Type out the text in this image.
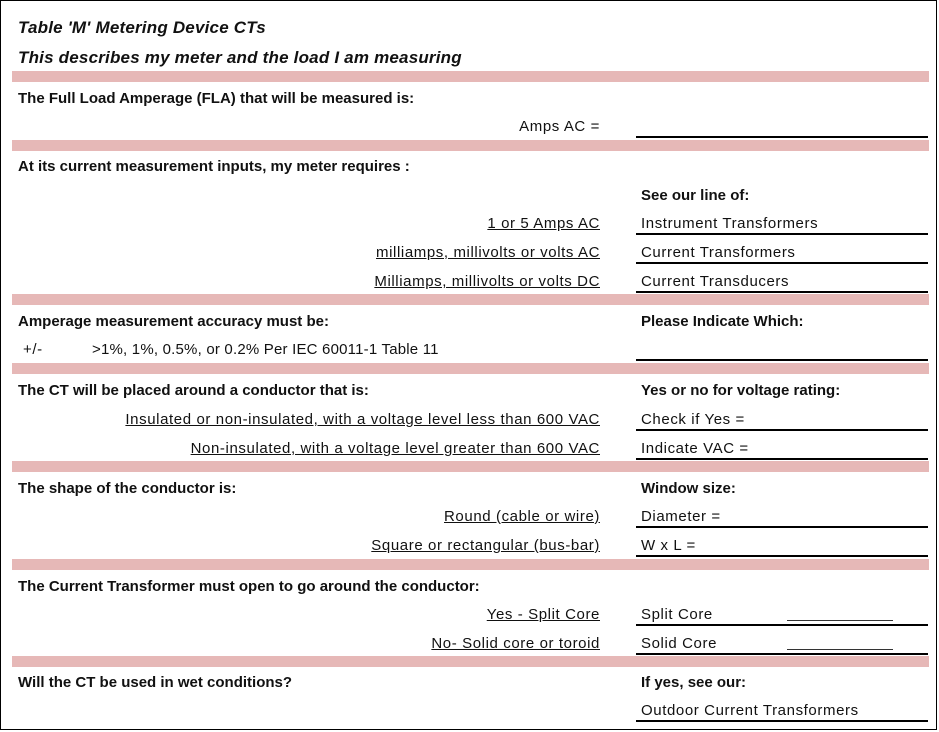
Table 'M' Metering Device CTs
This describes my meter and the load I am measuring
The Full Load Amperage (FLA) that will be measured is:
Amps AC =
At its current measurement inputs, my meter requires :
See our line of:
1 or 5 Amps AC	Instrument Transformers
milliamps, millivolts or volts AC	Current Transformers
Milliamps, millivolts or volts DC	Current Transducers
Amperage measurement accuracy must be:	Please Indicate Which:
+/-	>1%, 1%, 0.5%, or 0.2% Per IEC 60011-1 Table 11
The CT will be placed around a conductor that is:	Yes or no for voltage rating:
Insulated or non-insulated, with a voltage level less than 600 VAC	Check if Yes =
Non-insulated, with a voltage level greater than 600 VAC	Indicate VAC =
The shape of the conductor is:	Window size:
Round (cable or wire)	Diameter =
Square or rectangular (bus-bar)	W x L =
The Current Transformer must open to go around the conductor:
Yes - Split Core	Split Core
No- Solid core or toroid	Solid Core
Will the CT be used in wet conditions?	If yes, see our:
Outdoor Current Transformers
